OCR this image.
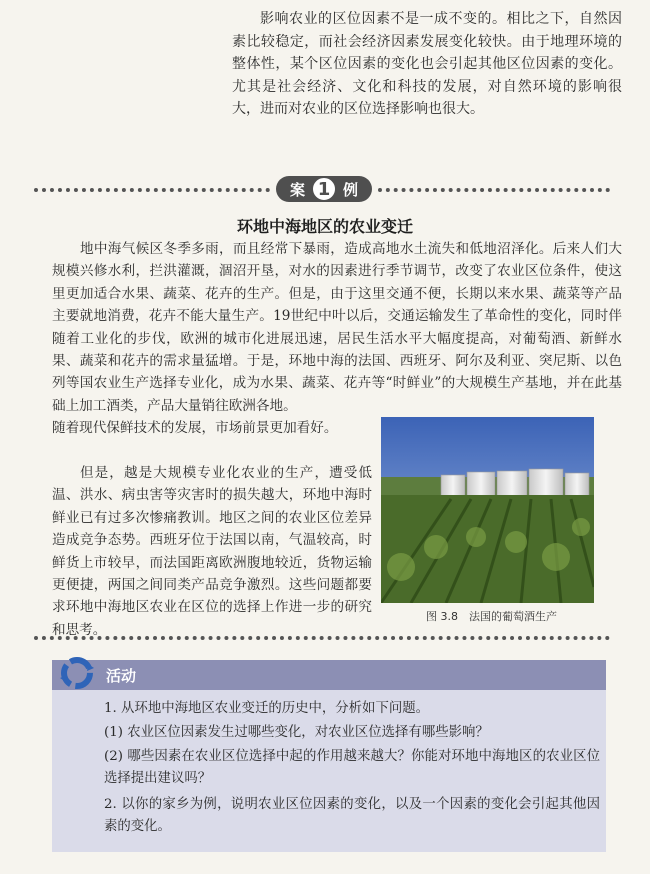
影响农业的区位因素不是一成不变的。相比之下，自然因素比较稳定，而社会经济因素发展变化较快。由于地理环境的整体性，某个区位因素的变化也会引起其他区位因素的变化。尤其是社会经济、文化和科技的发展，对自然环境的影响很大，进而对农业的区位选择影响也很大。

案 1 例
环地中海地区的农业变迁

地中海气候区冬季多雨，而且经常下暴雨，造成高地水土流失和低地沼泽化。后来人们大规模兴修水利，拦洪灌溉，涸沼开垦，对水的因素进行季节调节，改变了农业区位条件，使这里更加适合水果、蔬菜、花卉的生产。但是，由于这里交通不便，长期以来水果、蔬菜等产品主要就地消费，花卉不能大量生产。19世纪中叶以后，交通运输发生了革命性的变化，同时伴随着工业化的步伐，欧洲的城市化进展迅速，居民生活水平大幅度提高，对葡萄酒、新鲜水果、蔬菜和花卉的需求量猛增。于是，环地中海的法国、西班牙、阿尔及利亚、突尼斯、以色列等国农业生产选择专业化，成为水果、蔬菜、花卉等“时鲜业”的大规模生产基地，并在此基础上加工酒类，产品大量销往欧洲各地。

随着现代保鲜技术的发展，市场前景更加看好。

但是，越是大规模专业化农业的生产，遭受低温、洪水、病虫害等灾害时的损失越大，环地中海时鲜业已有过多次惨痛教训。地区之间的农业区位差异造成竞争态势。西班牙位于法国以南，气温较高，时鲜货上市较早，而法国距离欧洲腹地较近，货物运输更便捷，两国之间同类产品竞争激烈。这些问题都要求环地中海地区农业在区位的选择上作进一步的研究和思考。

图 3.8　法国的葡萄酒生产
活动

1. 从环地中海地区农业变迁的历史中，分析如下问题。

(1) 农业区位因素发生过哪些变化，对农业区位选择有哪些影响？

(2) 哪些因素在农业区位选择中起的作用越来越大？你能对环地中海地区的农业区位选择提出建议吗？

2. 以你的家乡为例，说明农业区位因素的变化，以及一个因素的变化会引起其他因素的变化。
